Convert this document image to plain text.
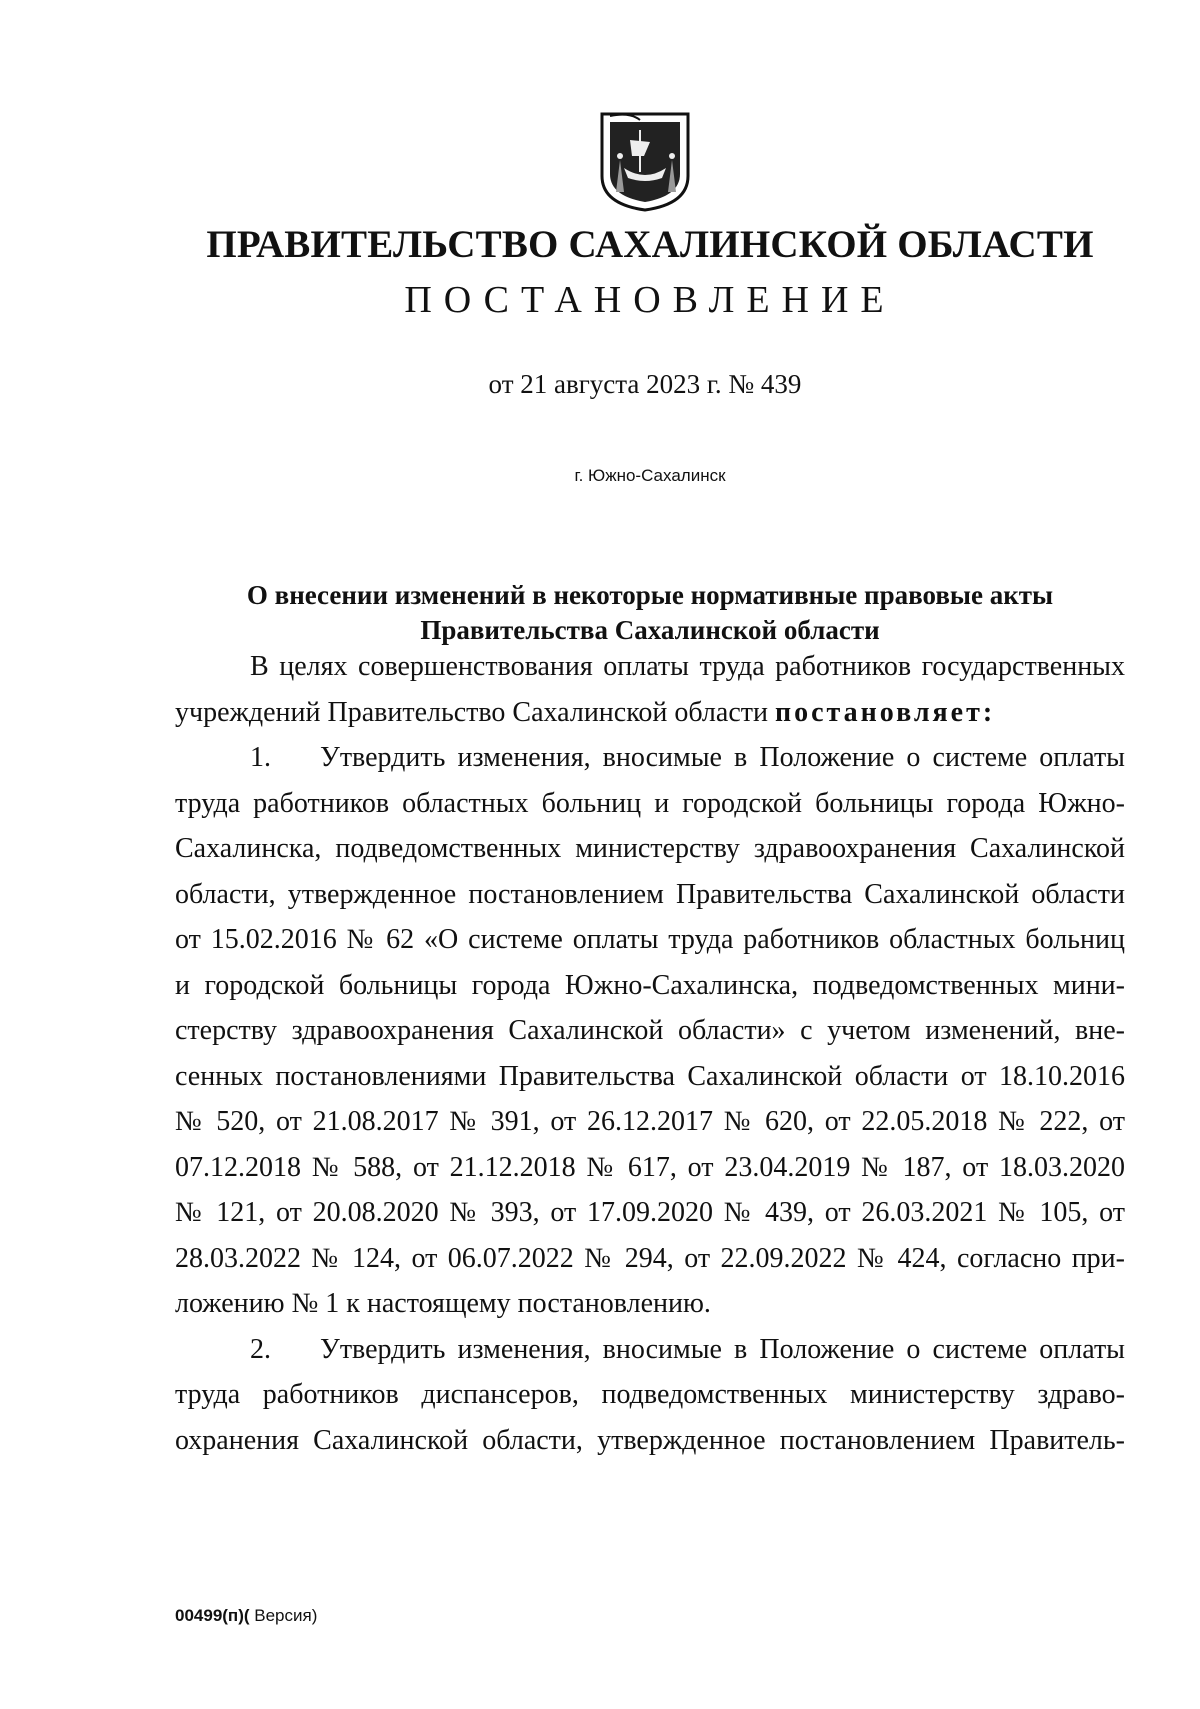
ПРАВИТЕЛЬСТВО САХАЛИНСКОЙ ОБЛАСТИ
ПОСТАНОВЛЕНИЕ
от 21 августа 2023 г. № 439
г. Южно-Сахалинск
О внесении изменений в некоторые нормативные правовые акты
Правительства Сахалинской области
В целях совершенствования оплаты труда работников государственных
учреждений Правительство Сахалинской области постановляет:
1.	Утвердить изменения, вносимые в Положение о системе оплаты
труда работников областных больниц и городской больницы города Южно-
Сахалинска, подведомственных министерству здравоохранения Сахалинской
области, утвержденное постановлением Правительства Сахалинской области
от 15.02.2016 № 62 «О системе оплаты труда работников областных больниц
и городской больницы города Южно-Сахалинска, подведомственных мини-
стерству здравоохранения Сахалинской области» с учетом изменений, вне-
сенных постановлениями Правительства Сахалинской области от 18.10.2016
№ 520, от 21.08.2017 № 391, от 26.12.2017 № 620, от 22.05.2018 № 222, от
07.12.2018 № 588, от 21.12.2018 № 617, от 23.04.2019 № 187, от 18.03.2020
№ 121, от 20.08.2020 № 393, от 17.09.2020 № 439, от 26.03.2021 № 105, от
28.03.2022 № 124, от 06.07.2022 № 294, от 22.09.2022 № 424, согласно при-
ложению № 1 к настоящему постановлению.
2.	Утвердить изменения, вносимые в Положение о системе оплаты
труда работников диспансеров, подведомственных министерству здраво-
охранения Сахалинской области, утвержденное постановлением Правитель-
00499(п)( Версия)
